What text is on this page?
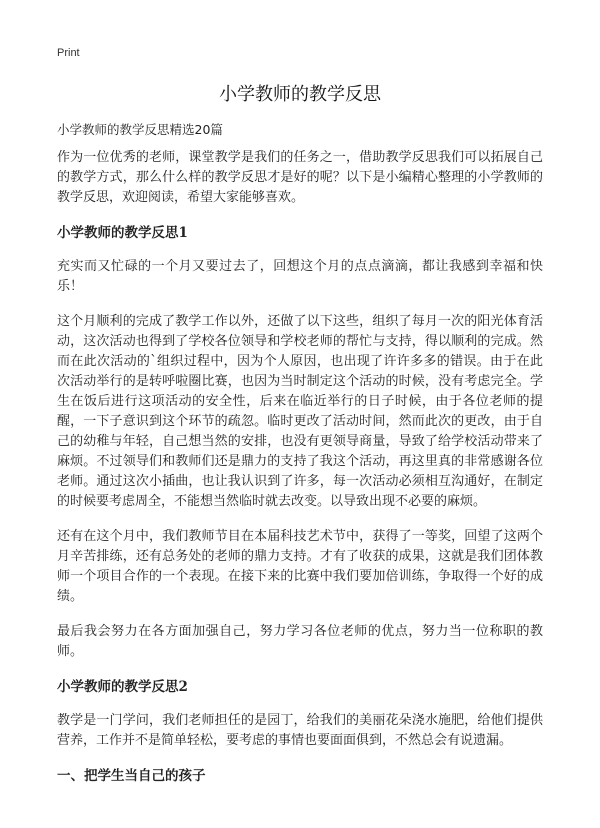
Print
小学教师的教学反思
小学教师的教学反思精选20篇

作为一位优秀的老师，课堂教学是我们的任务之一，借助教学反思我们可以拓展自己的教学方式，那么什么样的教学反思才是好的呢？以下是小编精心整理的小学教师的教学反思，欢迎阅读，希望大家能够喜欢。

小学教师的教学反思1

充实而又忙碌的一个月又要过去了，回想这个月的点点滴滴，都让我感到幸福和快乐！

这个月顺利的完成了教学工作以外，还做了以下这些，组织了每月一次的阳光体育活动，这次活动也得到了学校各位领导和学校老师的帮忙与支持，得以顺利的完成。然而在此次活动的`组织过程中，因为个人原因，也出现了许许多多的错误。由于在此次活动举行的是转呼啦圈比赛，也因为当时制定这个活动的时候，没有考虑完全。学生在饭后进行这项活动的安全性，后来在临近举行的日子时候，由于各位老师的提醒，一下子意识到这个环节的疏忽。临时更改了活动时间，然而此次的更改，由于自己的幼稚与年轻，自己想当然的安排，也没有更领导商量，导致了给学校活动带来了麻烦。不过领导们和教师们还是鼎力的支持了我这个活动，再这里真的非常感谢各位老师。通过这次小插曲，也让我认识到了许多，每一次活动必须相互沟通好，在制定的时候要考虑周全，不能想当然临时就去改变。以导致出现不必要的麻烦。

还有在这个月中，我们教师节目在本届科技艺术节中，获得了一等奖，回望了这两个月辛苦排练，还有总务处的老师的鼎力支持。才有了收获的成果，这就是我们团体教师一个项目合作的一个表现。在接下来的比赛中我们要加倍训练，争取得一个好的成绩。

最后我会努力在各方面加强自己，努力学习各位老师的优点，努力当一位称职的教师。

小学教师的教学反思2

教学是一门学问，我们老师担任的是园丁，给我们的美丽花朵浇水施肥，给他们提供营养，工作并不是简单轻松，要考虑的事情也要面面俱到，不然总会有说遗漏。

一、把学生当自己的孩子
